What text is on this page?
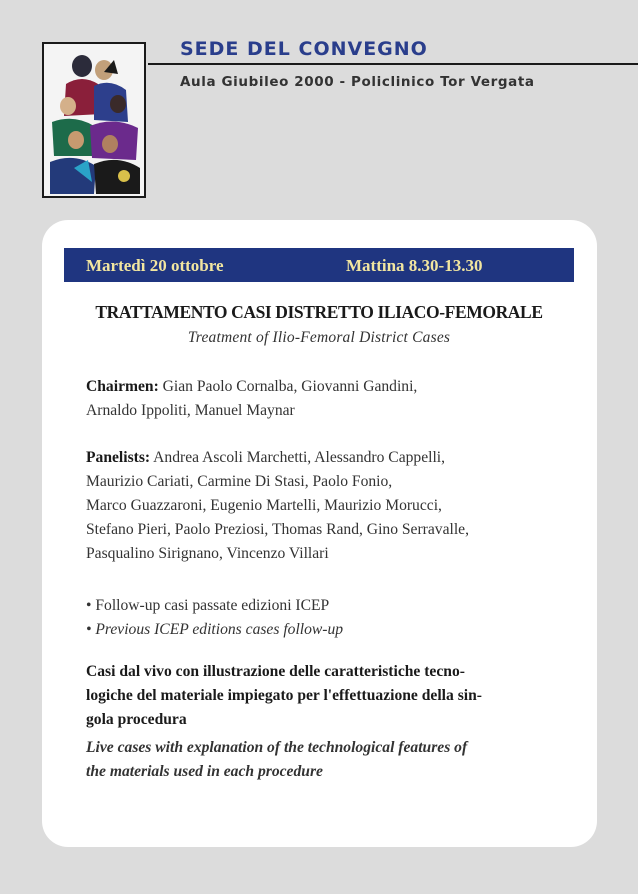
SEDE DEL CONVEGNO
Aula Giubileo 2000 - Policlinico Tor Vergata
Martedì 20 ottobre	Mattina 8.30-13.30
TRATTAMENTO CASI DISTRETTO ILIACO-FEMORALE
Treatment of Ilio-Femoral District Cases
Chairmen: Gian Paolo Cornalba, Giovanni Gandini,
Arnaldo Ippoliti, Manuel Maynar
Panelists: Andrea Ascoli Marchetti, Alessandro Cappelli,
Maurizio Cariati, Carmine Di Stasi, Paolo Fonio,
Marco Guazzaroni, Eugenio Martelli, Maurizio Morucci,
Stefano Pieri, Paolo Preziosi, Thomas Rand, Gino Serravalle,
Pasqualino Sirignano, Vincenzo Villari
• Follow-up casi passate edizioni ICEP
• Previous ICEP editions cases follow-up
Casi dal vivo con illustrazione delle caratteristiche tecno-
logiche del materiale impiegato per l'effettuazione della sin-
gola procedura
Live cases with explanation of the technological features of
the materials used in each procedure
